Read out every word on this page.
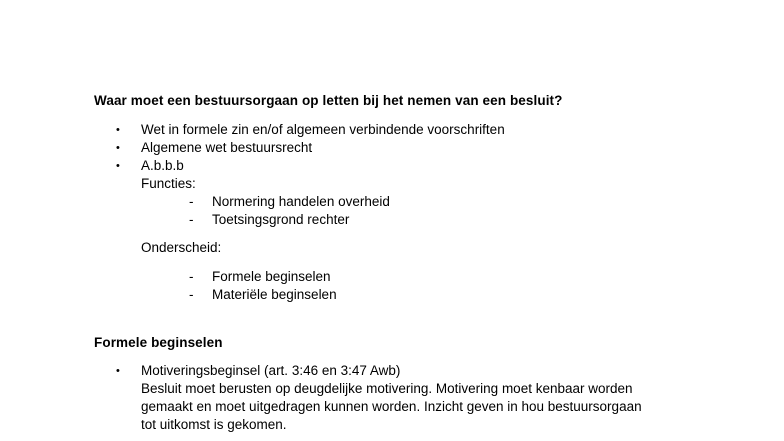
Waar moet een bestuursorgaan op letten bij het nemen van een besluit?
• Wet in formele zin en/of algemeen verbindende voorschriften
• Algemene wet bestuursrecht
• A.b.b.b
Functies:
- Normering handelen overheid
- Toetsingsgrond rechter
Onderscheid:
- Formele beginselen
- Materiële beginselen
Formele beginselen
• Motiveringsbeginsel (art. 3:46 en 3:47 Awb)
Besluit moet berusten op deugdelijke motivering. Motivering moet kenbaar worden
gemaakt en moet uitgedragen kunnen worden. Inzicht geven in hou bestuursorgaan
tot uitkomst is gekomen.
